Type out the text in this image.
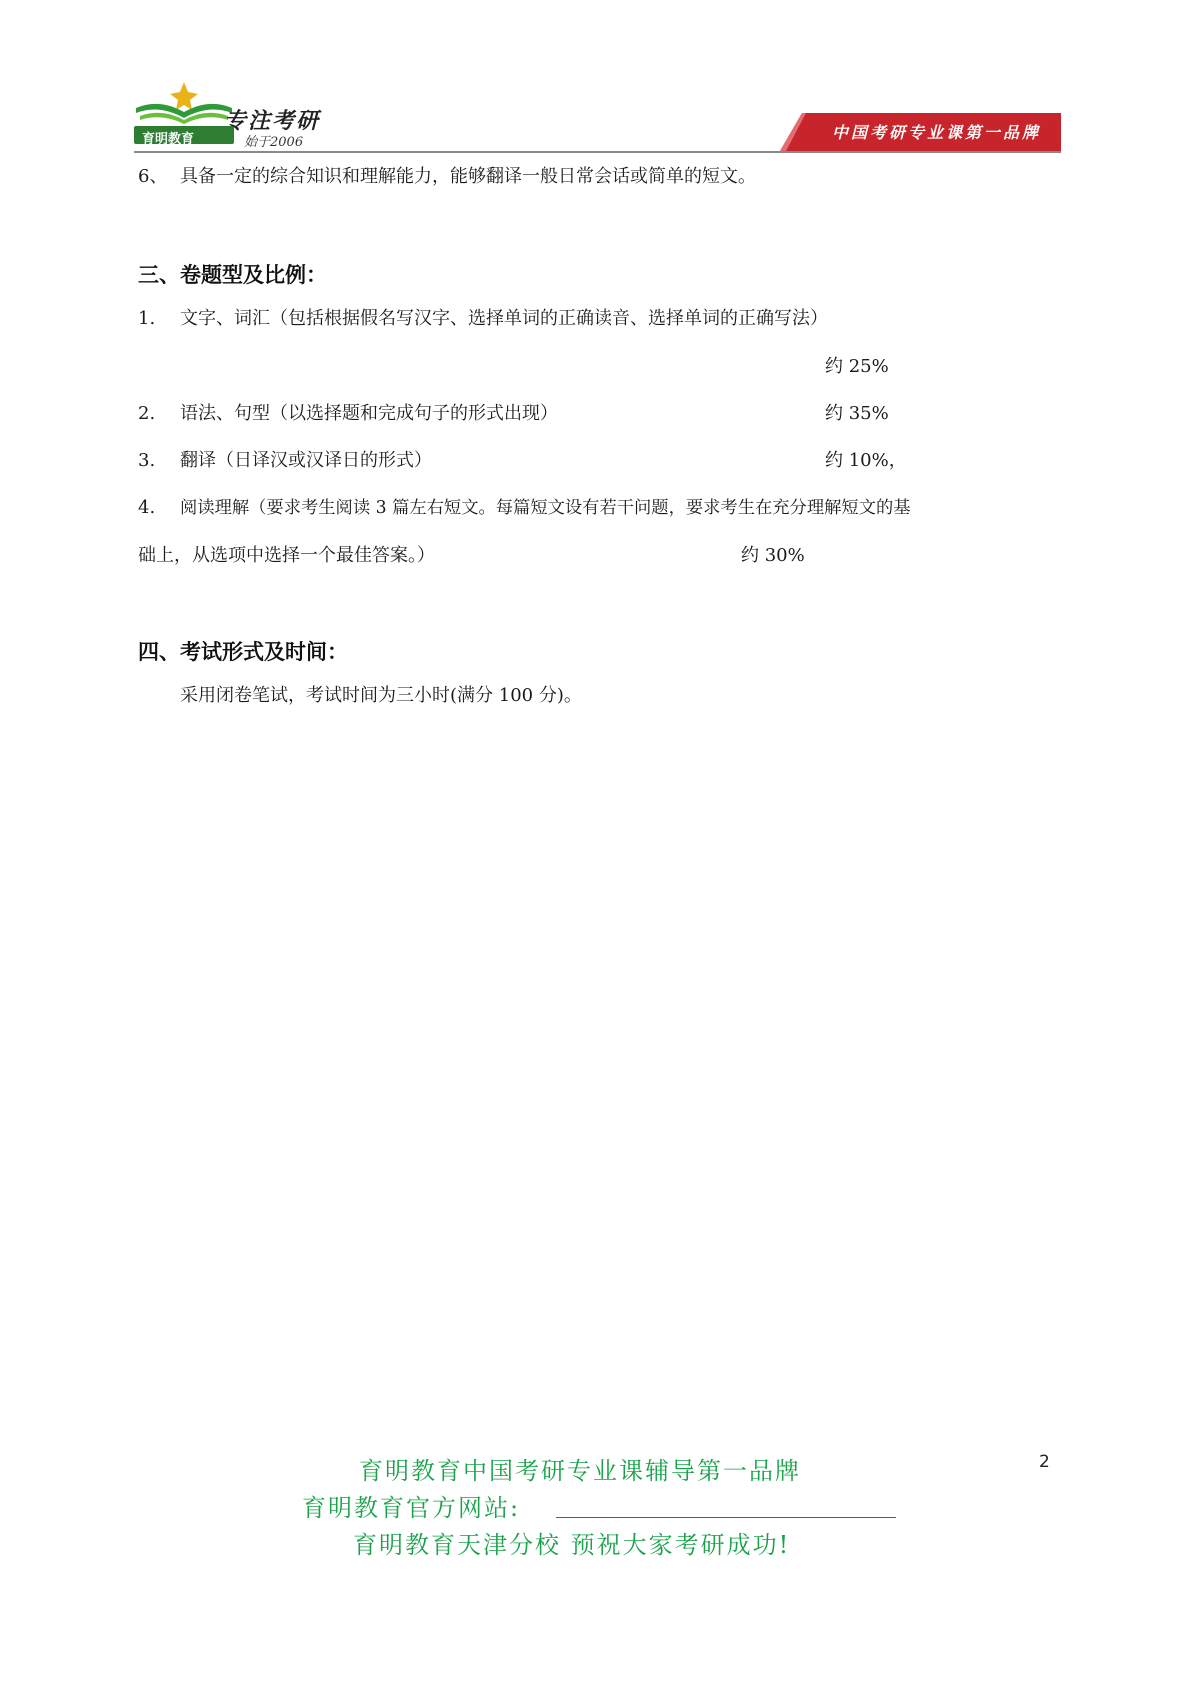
育明教育
专注考研
始于2006
中国考研专业课第一品牌
6、 具备一定的综合知识和理解能力，能够翻译一般日常会话或简单的短文。
三、卷题型及比例：
1. 文字、词汇（包括根据假名写汉字、选择单词的正确读音、选择单词的正确写法）
约 25%
2. 语法、句型（以选择题和完成句子的形式出现）	约 35%
3. 翻译（日译汉或汉译日的形式）	约 10%，
4. 阅读理解（要求考生阅读 3 篇左右短文。每篇短文设有若干问题，要求考生在充分理解短文的基
础上，从选项中选择一个最佳答案。）	约 30%
四、考试形式及时间：
采用闭卷笔试，考试时间为三小时(满分 100 分)。
育明教育中国考研专业课辅导第一品牌
育明教育官方网站:
育明教育天津分校 预祝大家考研成功!
2
